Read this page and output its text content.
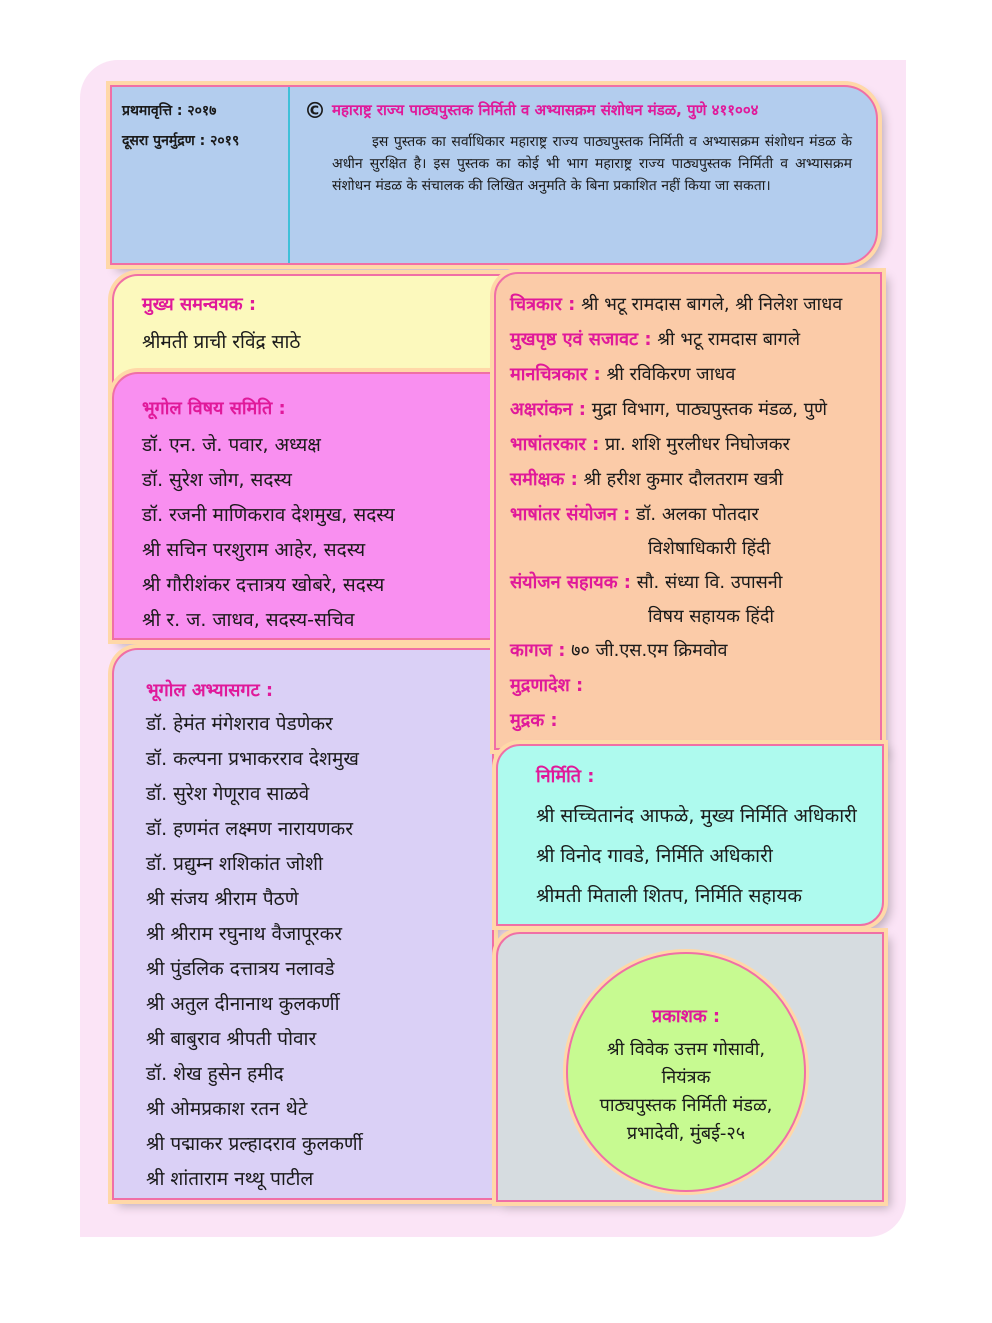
प्रथमावृत्ति : २०१७
दूसरा पुनर्मुद्रण : २०१९
© महाराष्ट्र राज्य पाठ्यपुस्तक निर्मिती व अभ्यासक्रम संशोधन मंडळ, पुणे ४११००४
इस पुस्तक का सर्वाधिकार महाराष्ट्र राज्य पाठ्यपुस्तक निर्मिती व अभ्यासक्रम संशोधन मंडळ के अधीन सुरक्षित है। इस पुस्तक का कोई भी भाग महाराष्ट्र राज्य पाठ्यपुस्तक निर्मिती व अभ्यासक्रम संशोधन मंडळ के संचालक की लिखित अनुमति के बिना प्रकाशित नहीं किया जा सकता।
मुख्य समन्वयक :
श्रीमती प्राची रविंद्र साठे
भूगोल विषय समिति :
डॉ. एन. जे. पवार, अध्यक्ष
डॉ. सुरेश जोग, सदस्य
डॉ. रजनी माणिकराव देशमुख, सदस्य
श्री सचिन परशुराम आहेर, सदस्य
श्री गौरीशंकर दत्तात्रय खोबरे, सदस्य
श्री र. ज. जाधव, सदस्य-सचिव
भूगोल अभ्यासगट :
डॉ. हेमंत मंगेशराव पेडणेकर
डॉ. कल्पना प्रभाकरराव देशमुख
डॉ. सुरेश गेणूराव साळवे
डॉ. हणमंत लक्ष्मण नारायणकर
डॉ. प्रद्युम्न शशिकांत जोशी
श्री संजय श्रीराम पैठणे
श्री श्रीराम रघुनाथ वैजापूरकर
श्री पुंडलिक दत्तात्रय नलावडे
श्री अतुल दीनानाथ कुलकर्णी
श्री बाबुराव श्रीपती पोवार
डॉ. शेख हुसेन हमीद
श्री ओमप्रकाश रतन थेटे
श्री पद्माकर प्रल्हादराव कुलकर्णी
श्री शांताराम नथ्थू पाटील
चित्रकार : श्री भटू रामदास बागले, श्री निलेश जाधव
मुखपृष्ठ एवं सजावट : श्री भटू रामदास बागले
मानचित्रकार : श्री रविकिरण जाधव
अक्षरांकन : मुद्रा विभाग, पाठ्यपुस्तक मंडळ, पुणे
भाषांतरकार : प्रा. शशि मुरलीधर निघोजकर
समीक्षक : श्री हरीश कुमार दौलतराम खत्री
भाषांतर संयोजन : डॉ. अलका पोतदार
विशेषाधिकारी हिंदी
संयोजन सहायक : सौ. संध्या वि. उपासनी
विषय सहायक हिंदी
कागज : ७० जी.एस.एम क्रिमवोव
मुद्रणादेश :
मुद्रक :
निर्मिति :
श्री सच्चितानंद आफळे, मुख्य निर्मिति अधिकारी
श्री विनोद गावडे, निर्मिति अधिकारी
श्रीमती मिताली शितप, निर्मिति सहायक
प्रकाशक :
श्री विवेक उत्तम गोसावी,
नियंत्रक
पाठ्यपुस्तक निर्मिती मंडळ,
प्रभादेवी, मुंबई-२५
